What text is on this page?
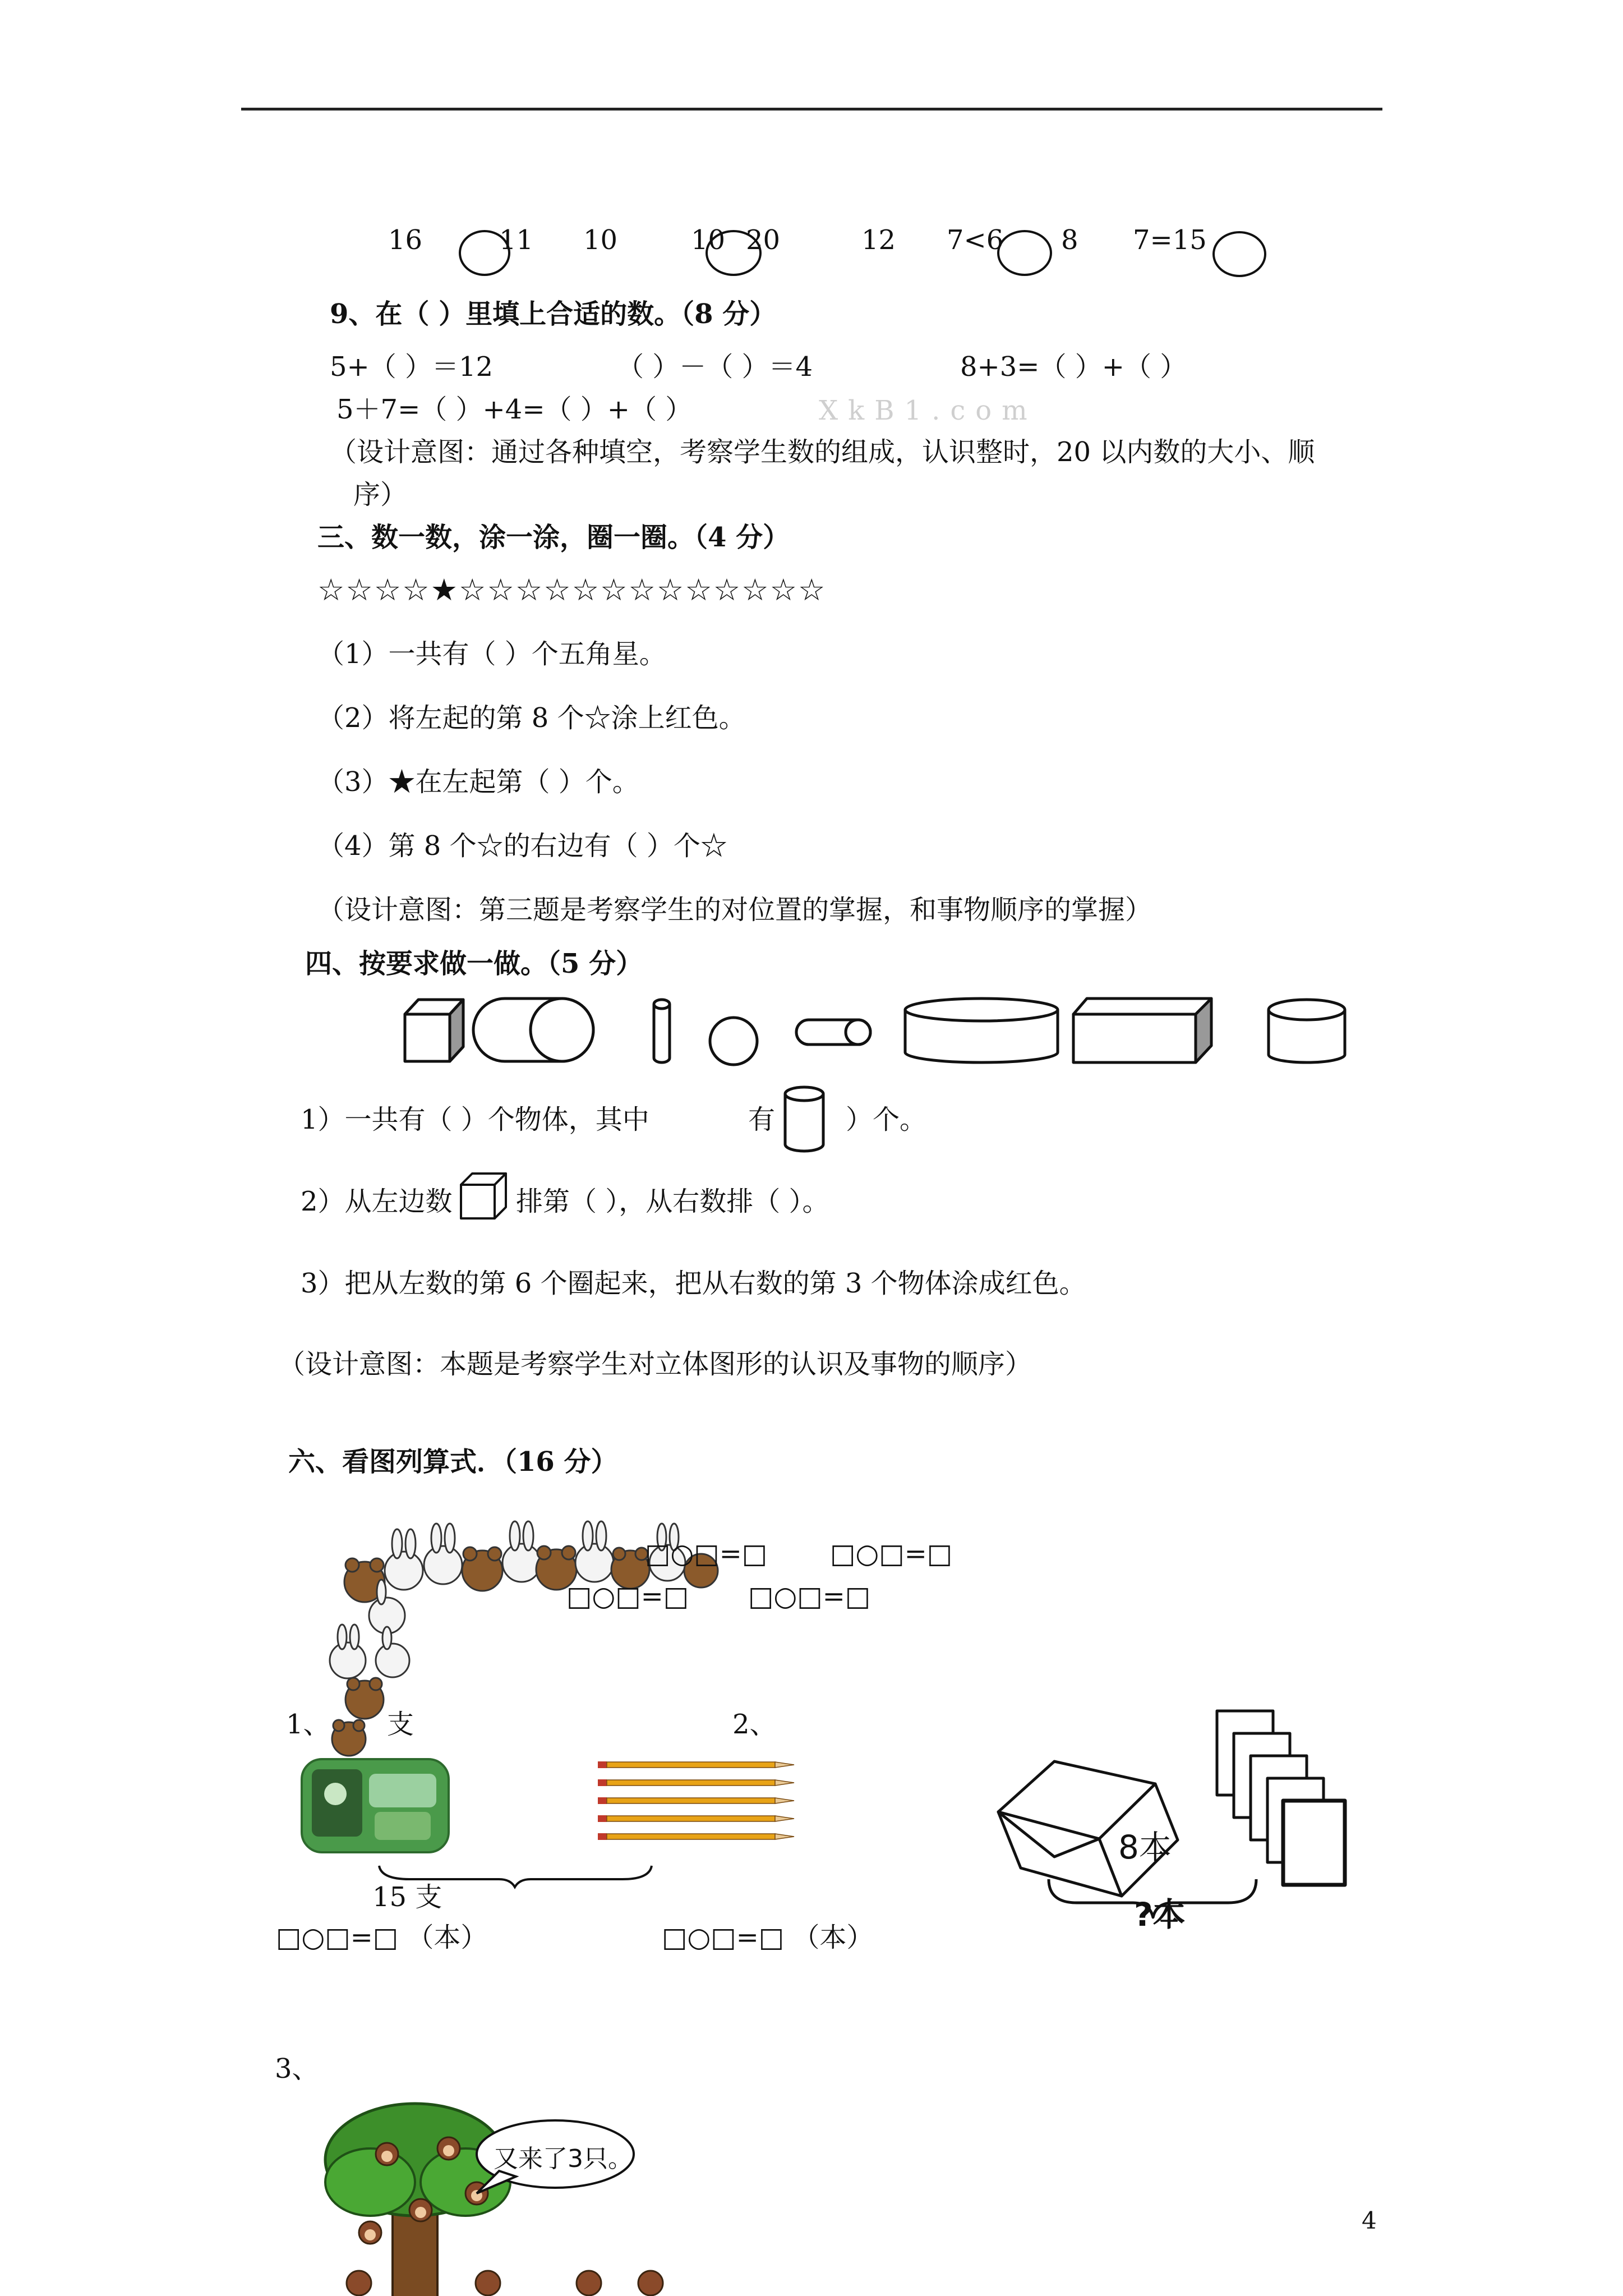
16	11 10	10 20	12 7<6 8 7=15
9、在（ ）里填上合适的数。（8 分）
5+（ ）＝12	（ ）－（ ）＝4	8+3=（ ）+（ ）
5＋7=（ ）+4=（ ）+（ ）	XkB1.com
（设计意图：通过各种填空，考察学生数的组成，认识整时，20 以内数的大小、顺
序）
三、数一数，涂一涂，圈一圈。（4 分）
☆☆☆☆★☆☆☆☆☆☆☆☆☆☆☆☆☆
（1）一共有（ ）个五角星。
（2）将左起的第 8 个☆涂上红色。
（3）★在左起第（ ）个。
（4）第 8 个☆的右边有（ ）个☆
（设计意图：第三题是考察学生的对位置的掌握，和事物顺序的掌握）
四、按要求做一做。（5 分）
1）一共有（ ）个物体，其中	有	）个。
2）从左边数 排第（ ），从右数排（ ）。
3）把从左数的第 6 个圈起来，把从右数的第 3 个物体涂成红色。
（设计意图：本题是考察学生对立体图形的认识及事物的顺序）
六、看图列算式．（16 分）
□○□=□ □○□=□
□○□=□ □○□=□
1、 支	2、
15 支
□○□=□ （本）	□○□=□ （本）
8本
?本
3、
又来了3只。
4
